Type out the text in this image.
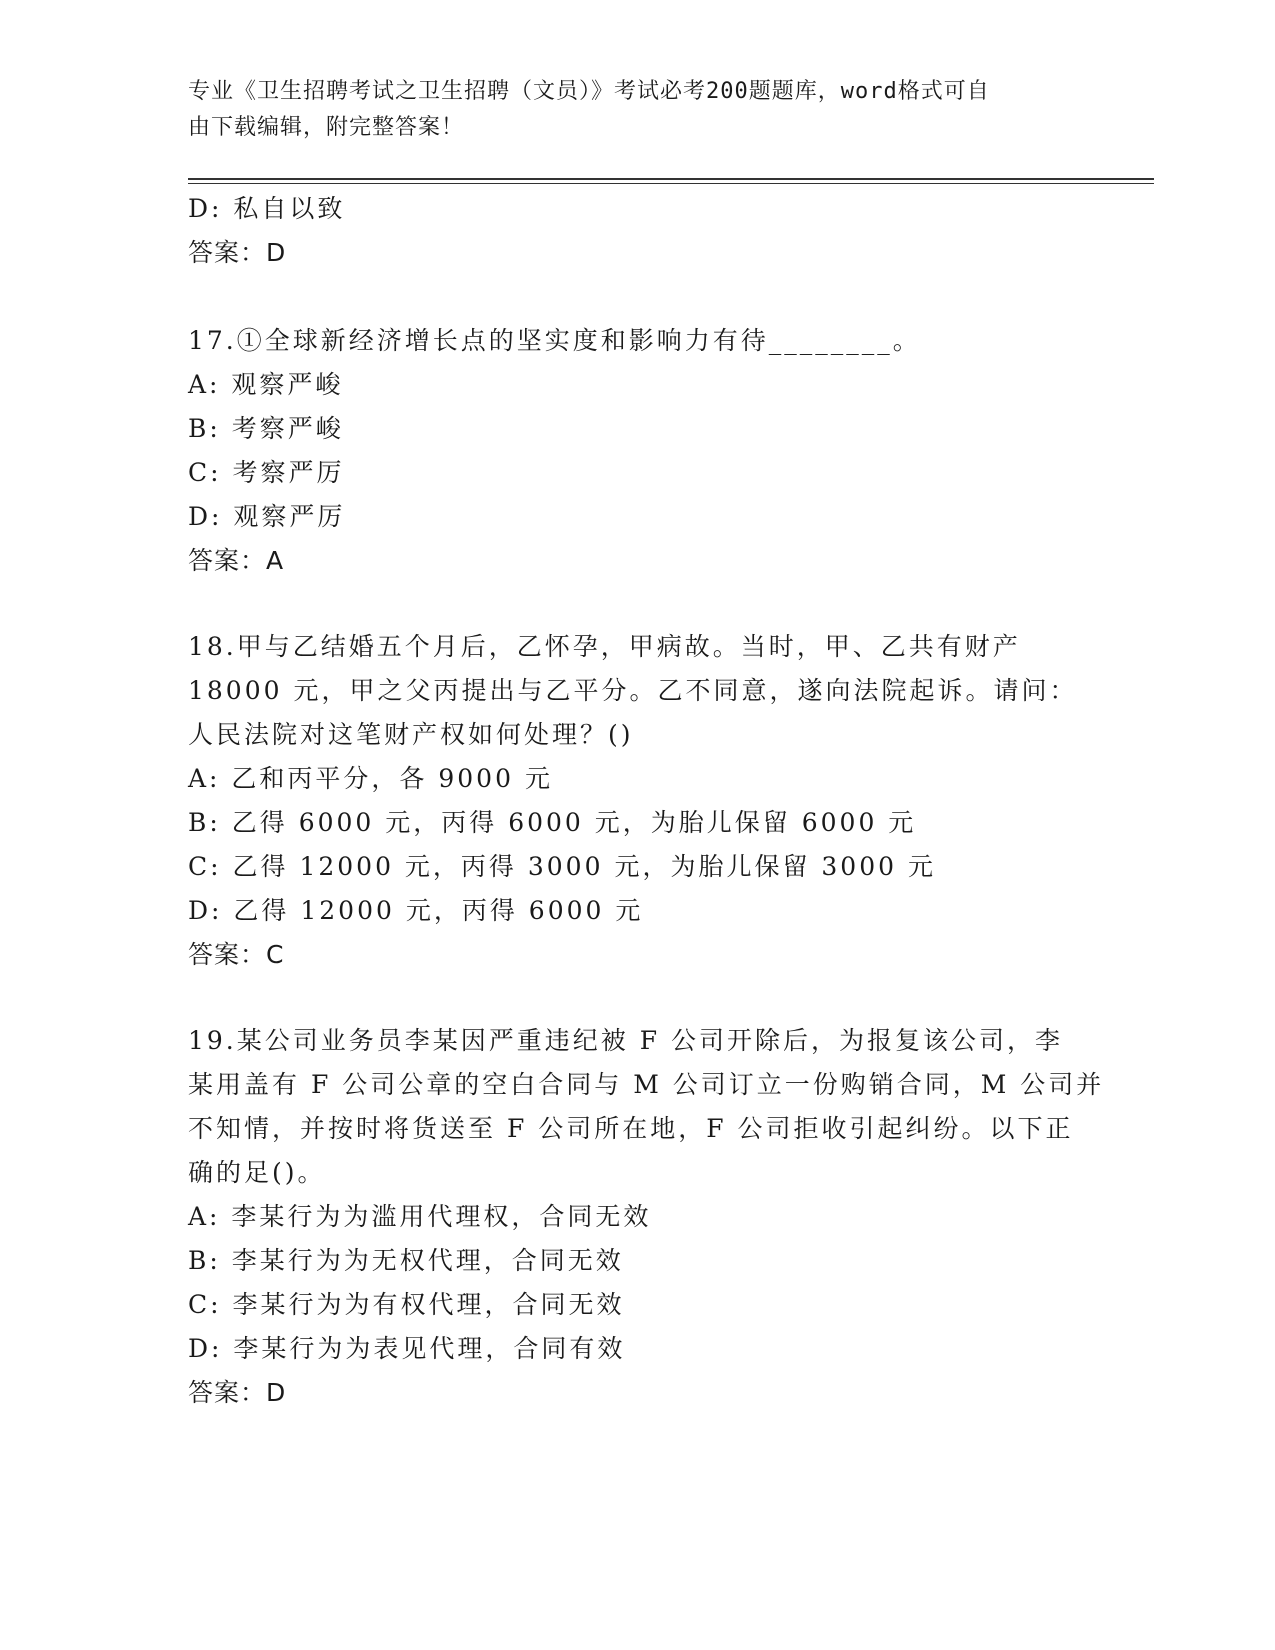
专业《卫生招聘考试之卫生招聘（文员）》考试必考200题题库，word格式可自
由下载编辑，附完整答案！
D: 私自以致
答案：D
17.①全球新经济增长点的坚实度和影响力有待________。
A: 观察严峻
B: 考察严峻
C: 考察严厉
D: 观察严厉
答案：A
18.甲与乙结婚五个月后，乙怀孕，甲病故。当时，甲、乙共有财产
18000 元，甲之父丙提出与乙平分。乙不同意，遂向法院起诉。请问：
人民法院对这笔财产权如何处理？()
A: 乙和丙平分，各 9000 元
B: 乙得 6000 元，丙得 6000 元，为胎儿保留 6000 元
C: 乙得 12000 元，丙得 3000 元，为胎儿保留 3000 元
D: 乙得 12000 元，丙得 6000 元
答案：C
19.某公司业务员李某因严重违纪被 F 公司开除后，为报复该公司，李
某用盖有 F 公司公章的空白合同与 M 公司订立一份购销合同，M 公司并
不知情，并按时将货送至 F 公司所在地，F 公司拒收引起纠纷。以下正
确的足()。
A: 李某行为为滥用代理权，合同无效
B: 李某行为为无权代理，合同无效
C: 李某行为为有权代理，合同无效
D: 李某行为为表见代理，合同有效
答案：D
